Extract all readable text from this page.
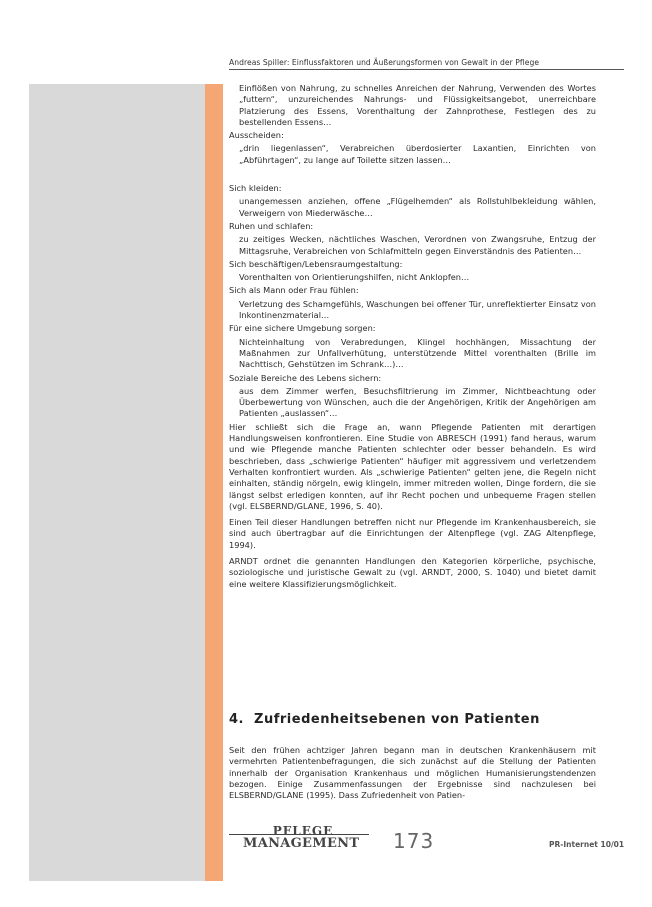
Andreas Spiller: Einflussfaktoren und Äußerungsformen von Gewalt in der Pflege

Einflößen von Nahrung, zu schnelles Anreichen der Nahrung, Verwenden des Wortes „futtern“, unzureichendes Nahrungs- und Flüssigkeitsangebot, unerreichbare Platzierung des Essens, Vorenthaltung der Zahnprothese, Festlegen des zu bestellenden Essens…

Ausscheiden:

„drin liegenlassen“, Verabreichen überdosierter Laxantien, Einrichten von „Abführtagen“, zu lange auf Toilette sitzen lassen…

Sich kleiden:

unangemessen anziehen, offene „Flügelhemden“ als Rollstuhlbekleidung wählen, Verweigern von Miederwäsche…

Ruhen und schlafen:

zu zeitiges Wecken, nächtliches Waschen, Verordnen von Zwangsruhe, Entzug der Mittagsruhe, Verabreichen von Schlafmitteln gegen Einverständnis des Patienten…

Sich beschäftigen/Lebensraumgestaltung:

Vorenthalten von Orientierungshilfen, nicht Anklopfen…

Sich als Mann oder Frau fühlen:

Verletzung des Schamgefühls, Waschungen bei offener Tür, unreflektierter Einsatz von Inkontinenzmaterial…

Für eine sichere Umgebung sorgen:

Nichteinhaltung von Verabredungen, Klingel hochhängen, Missachtung der Maßnahmen zur Unfallverhütung, unterstützende Mittel vorenthalten (Brille im Nachttisch, Gehstützen im Schrank…)…

Soziale Bereiche des Lebens sichern:

aus dem Zimmer werfen, Besuchsfiltrierung im Zimmer, Nichtbeachtung oder Überbewertung von Wünschen, auch die der Angehörigen, Kritik der Angehörigen am Patienten „auslassen“…

Hier schließt sich die Frage an, wann Pflegende Patienten mit derartigen Handlungsweisen konfrontieren. Eine Studie von ABRESCH (1991) fand heraus, warum und wie Pflegende manche Patienten schlechter oder besser behandeln. Es wird beschrieben, dass „schwierige Patienten“ häufiger mit aggressivem und verletzendem Verhalten konfrontiert wurden. Als „schwierige Patienten“ gelten jene, die Regeln nicht einhalten, ständig nörgeln, ewig klingeln, immer mitreden wollen, Dinge fordern, die sie längst selbst erledigen konnten, auf ihr Recht pochen und unbequeme Fragen stellen (vgl. ELSBERND/GLANE, 1996, S. 40).

Einen Teil dieser Handlungen betreffen nicht nur Pflegende im Krankenhausbereich, sie sind auch übertragbar auf die Einrichtungen der Altenpflege (vgl. ZAG Altenpflege, 1994).

ARNDT ordnet die genannten Handlungen den Kategorien körperliche, psychische, soziologische und juristische Gewalt zu (vgl. ARNDT, 2000, S. 1040) und bietet damit eine weitere Klassifizierungsmöglichkeit.

4. Zufriedenheitsebenen von Patienten
Seit den frühen achtziger Jahren begann man in deutschen Krankenhäusern mit vermehrten Patientenbefragungen, die sich zunächst auf die Stellung der Patienten innerhalb der Organisation Krankenhaus und möglichen Humanisierungstendenzen bezogen. Einige Zusammenfassungen der Ergebnisse sind nachzulesen bei ELSBERND/GLANE (1995). Dass Zufriedenheit von Patien-
PFLEGE
MANAGEMENT 173	PR-Internet 10/01
